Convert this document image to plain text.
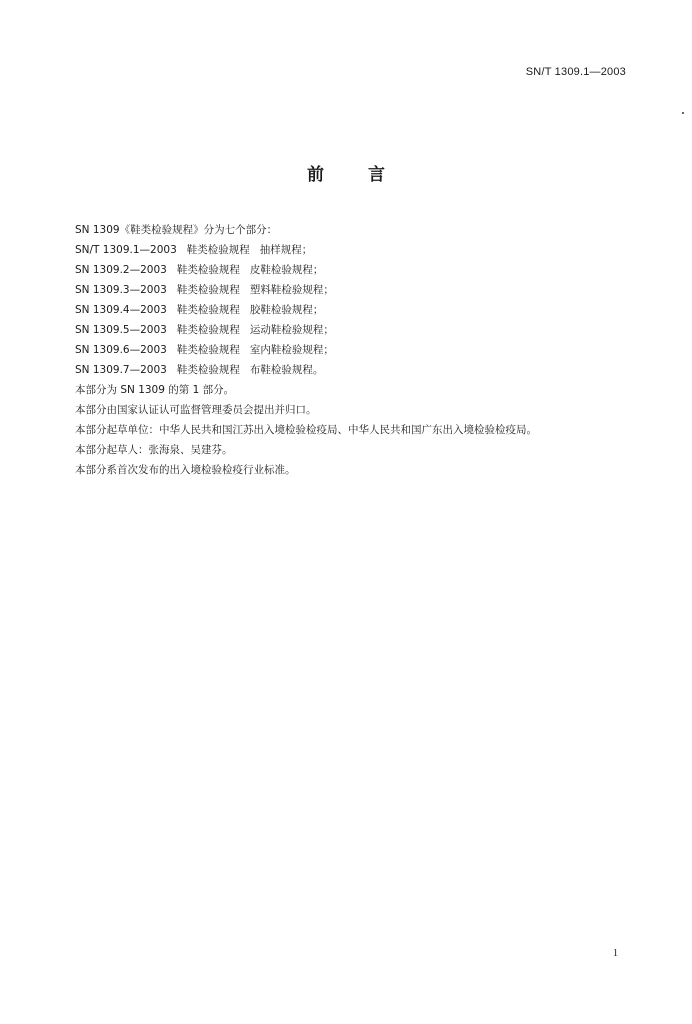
SN/T 1309.1—2003
前言
SN 1309《鞋类检验规程》分为七个部分：
SN/T 1309.1—2003 鞋类检验规程 抽样规程；
SN 1309.2—2003 鞋类检验规程 皮鞋检验规程；
SN 1309.3—2003 鞋类检验规程 塑料鞋检验规程；
SN 1309.4—2003 鞋类检验规程 胶鞋检验规程；
SN 1309.5—2003 鞋类检验规程 运动鞋检验规程；
SN 1309.6—2003 鞋类检验规程 室内鞋检验规程；
SN 1309.7—2003 鞋类检验规程 布鞋检验规程。
本部分为 SN 1309 的第 1 部分。
本部分由国家认证认可监督管理委员会提出并归口。
本部分起草单位：中华人民共和国江苏出入境检验检疫局、中华人民共和国广东出入境检验检疫局。
本部分起草人：张海泉、吴建芬。
本部分系首次发布的出入境检验检疫行业标准。
1
